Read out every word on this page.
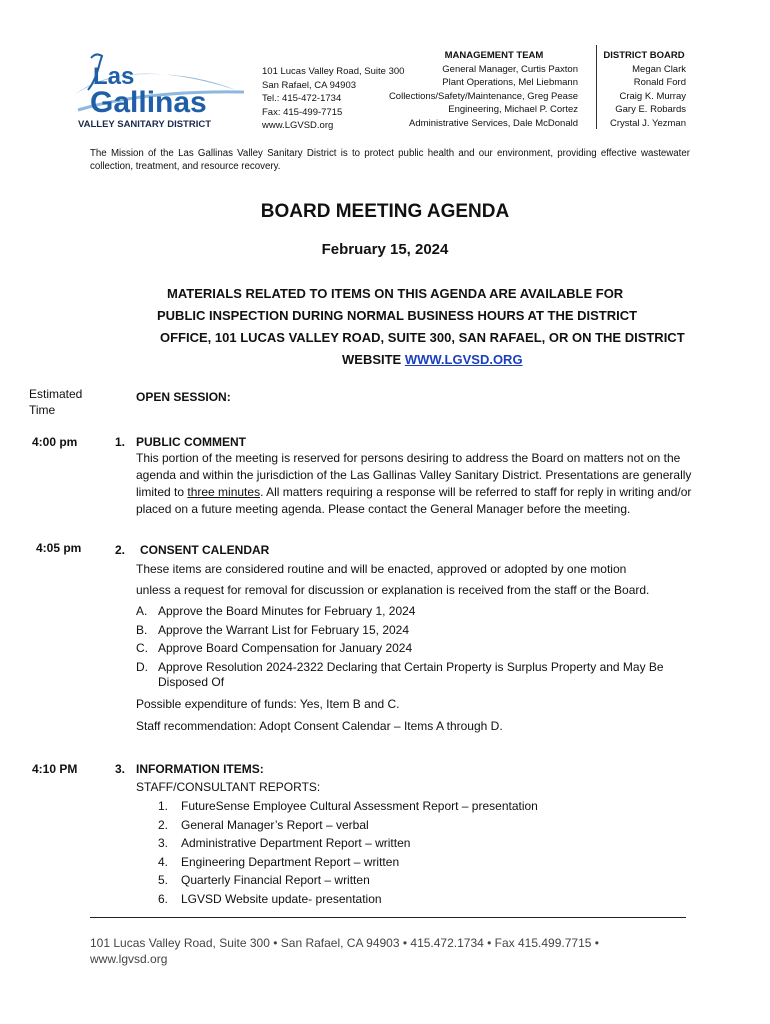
Las
Gallinas
VALLEY SANITARY DISTRICT
101 Lucas Valley Road, Suite 300
San Rafael, CA 94903
Tel.: 415-472-1734
Fax: 415-499-7715
www.LGVSD.org
MANAGEMENT TEAM
General Manager, Curtis Paxton
Plant Operations, Mel Liebmann
Collections/Safety/Maintenance, Greg Pease
Engineering, Michael P. Cortez
Administrative Services, Dale McDonald
DISTRICT BOARD
Megan Clark
Ronald Ford
Craig K. Murray
Gary E. Robards
Crystal J. Yezman
The Mission of the Las Gallinas Valley Sanitary District is to protect public health and our environment, providing effective wastewater collection, treatment, and resource recovery.
BOARD MEETING AGENDA
February 15, 2024
MATERIALS RELATED TO ITEMS ON THIS AGENDA ARE AVAILABLE FOR
PUBLIC INSPECTION DURING NORMAL BUSINESS HOURS AT THE DISTRICT
OFFICE, 101 LUCAS VALLEY ROAD, SUITE 300, SAN RAFAEL, OR ON THE DISTRICT
WEBSITE WWW.LGVSD.ORG
Estimated
Time
OPEN SESSION:
4:00 pm	1. PUBLIC COMMENT
This portion of the meeting is reserved for persons desiring to address the Board on matters not on the
agenda and within the jurisdiction of the Las Gallinas Valley Sanitary District. Presentations are generally
limited to three minutes. All matters requiring a response will be referred to staff for reply in writing and/or
placed on a future meeting agenda. Please contact the General Manager before the meeting.
4:05 pm	2. CONSENT CALENDAR
These items are considered routine and will be enacted, approved or adopted by one motion
unless a request for removal for discussion or explanation is received from the staff or the Board.
A. Approve the Board Minutes for February 1, 2024
B. Approve the Warrant List for February 15, 2024
C. Approve Board Compensation for January 2024
D. Approve Resolution 2024-2322 Declaring that Certain Property is Surplus Property and May Be
Disposed Of
Possible expenditure of funds: Yes, Item B and C.
Staff recommendation: Adopt Consent Calendar – Items A through D.
4:10 PM	3. INFORMATION ITEMS:
STAFF/CONSULTANT REPORTS:
1. FutureSense Employee Cultural Assessment Report – presentation
2. General Manager’s Report – verbal
3. Administrative Department Report – written
4. Engineering Department Report – written
5. Quarterly Financial Report – written
6. LGVSD Website update- presentation
101 Lucas Valley Road, Suite 300 • San Rafael, CA 94903 • 415.472.1734 • Fax 415.499.7715 •
www.lgvsd.org
